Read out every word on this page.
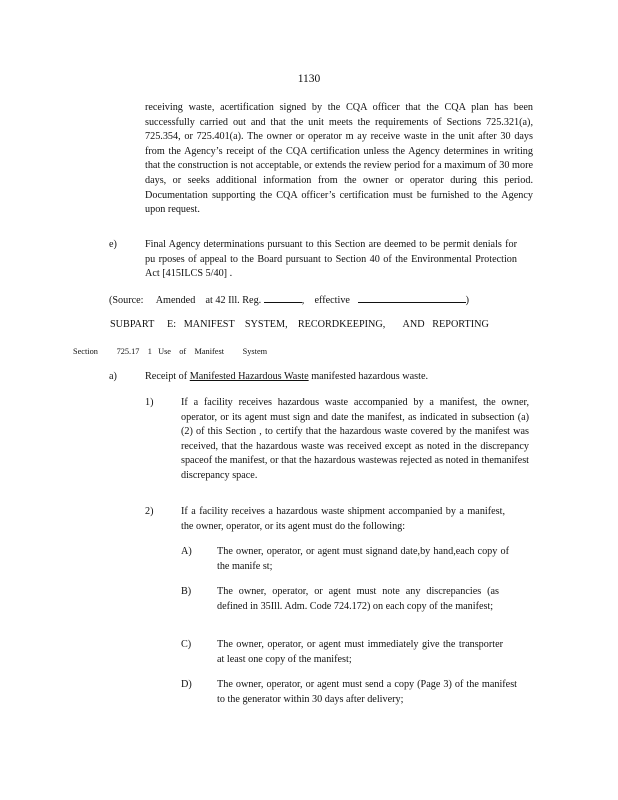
1130
receiving waste, acertification signed by the CQA officer that the CQA plan has been successfully carried out and that the unit meets the requirements of Sections 725.321(a), 725.354, or 725.401(a). The owner or operator m ay receive waste in the unit after 30 days from the Agency’s receipt of the CQA certification unless the Agency determines in writing that the construction is not acceptable, or extends the review period for a maximum of 30 more days, or seeks additional information from the owner or operator during this period. Documentation supporting the CQA officer’s certification must be furnished to the Agency upon request.
e)	Final Agency determinations pursuant to this Section are deemed to be permit denials for pu rposes of appeal to the Board pursuant to Section 40 of the Environmental Protection Act [415ILCS 5/40] .
(Source: Amended at 42 Ill. Reg.	, effective	)
SUBPART E: MANIFEST SYSTEM, RECORDKEEPING, AND REPORTING
Section 725.17 1 Use of Manifest System
a)	Receipt of Manifested Hazardous Waste manifested hazardous waste.
1)	If a facility receives hazardous waste accompanied by a manifest, the owner, operator, or its agent must sign and date the manifest, as indicated in subsection (a)(2) of this Section , to certify that the hazardous waste covered by the manifest was received, that the hazardous waste was received except as noted in the discrepancy spaceof the manifest, or that the hazardous wastewas rejected as noted in themanifest discrepancy space.
2)	If a facility receives a hazardous waste shipment accompanied by a manifest, the owner, operator, or its agent must do the following:
A) The owner, operator, or agent must signand date,by hand,each copy of the manife st;
B)	The owner, operator, or agent must note any discrepancies (as defined in 35Ill. Adm. Code 724.172) on each copy of the manifest;
C)	The owner, operator, or agent must immediately give the transporter at least one copy of the manifest;
D) The owner, operator, or agent must send a copy (Page 3) of the manifest to the generator within 30 days after delivery;
